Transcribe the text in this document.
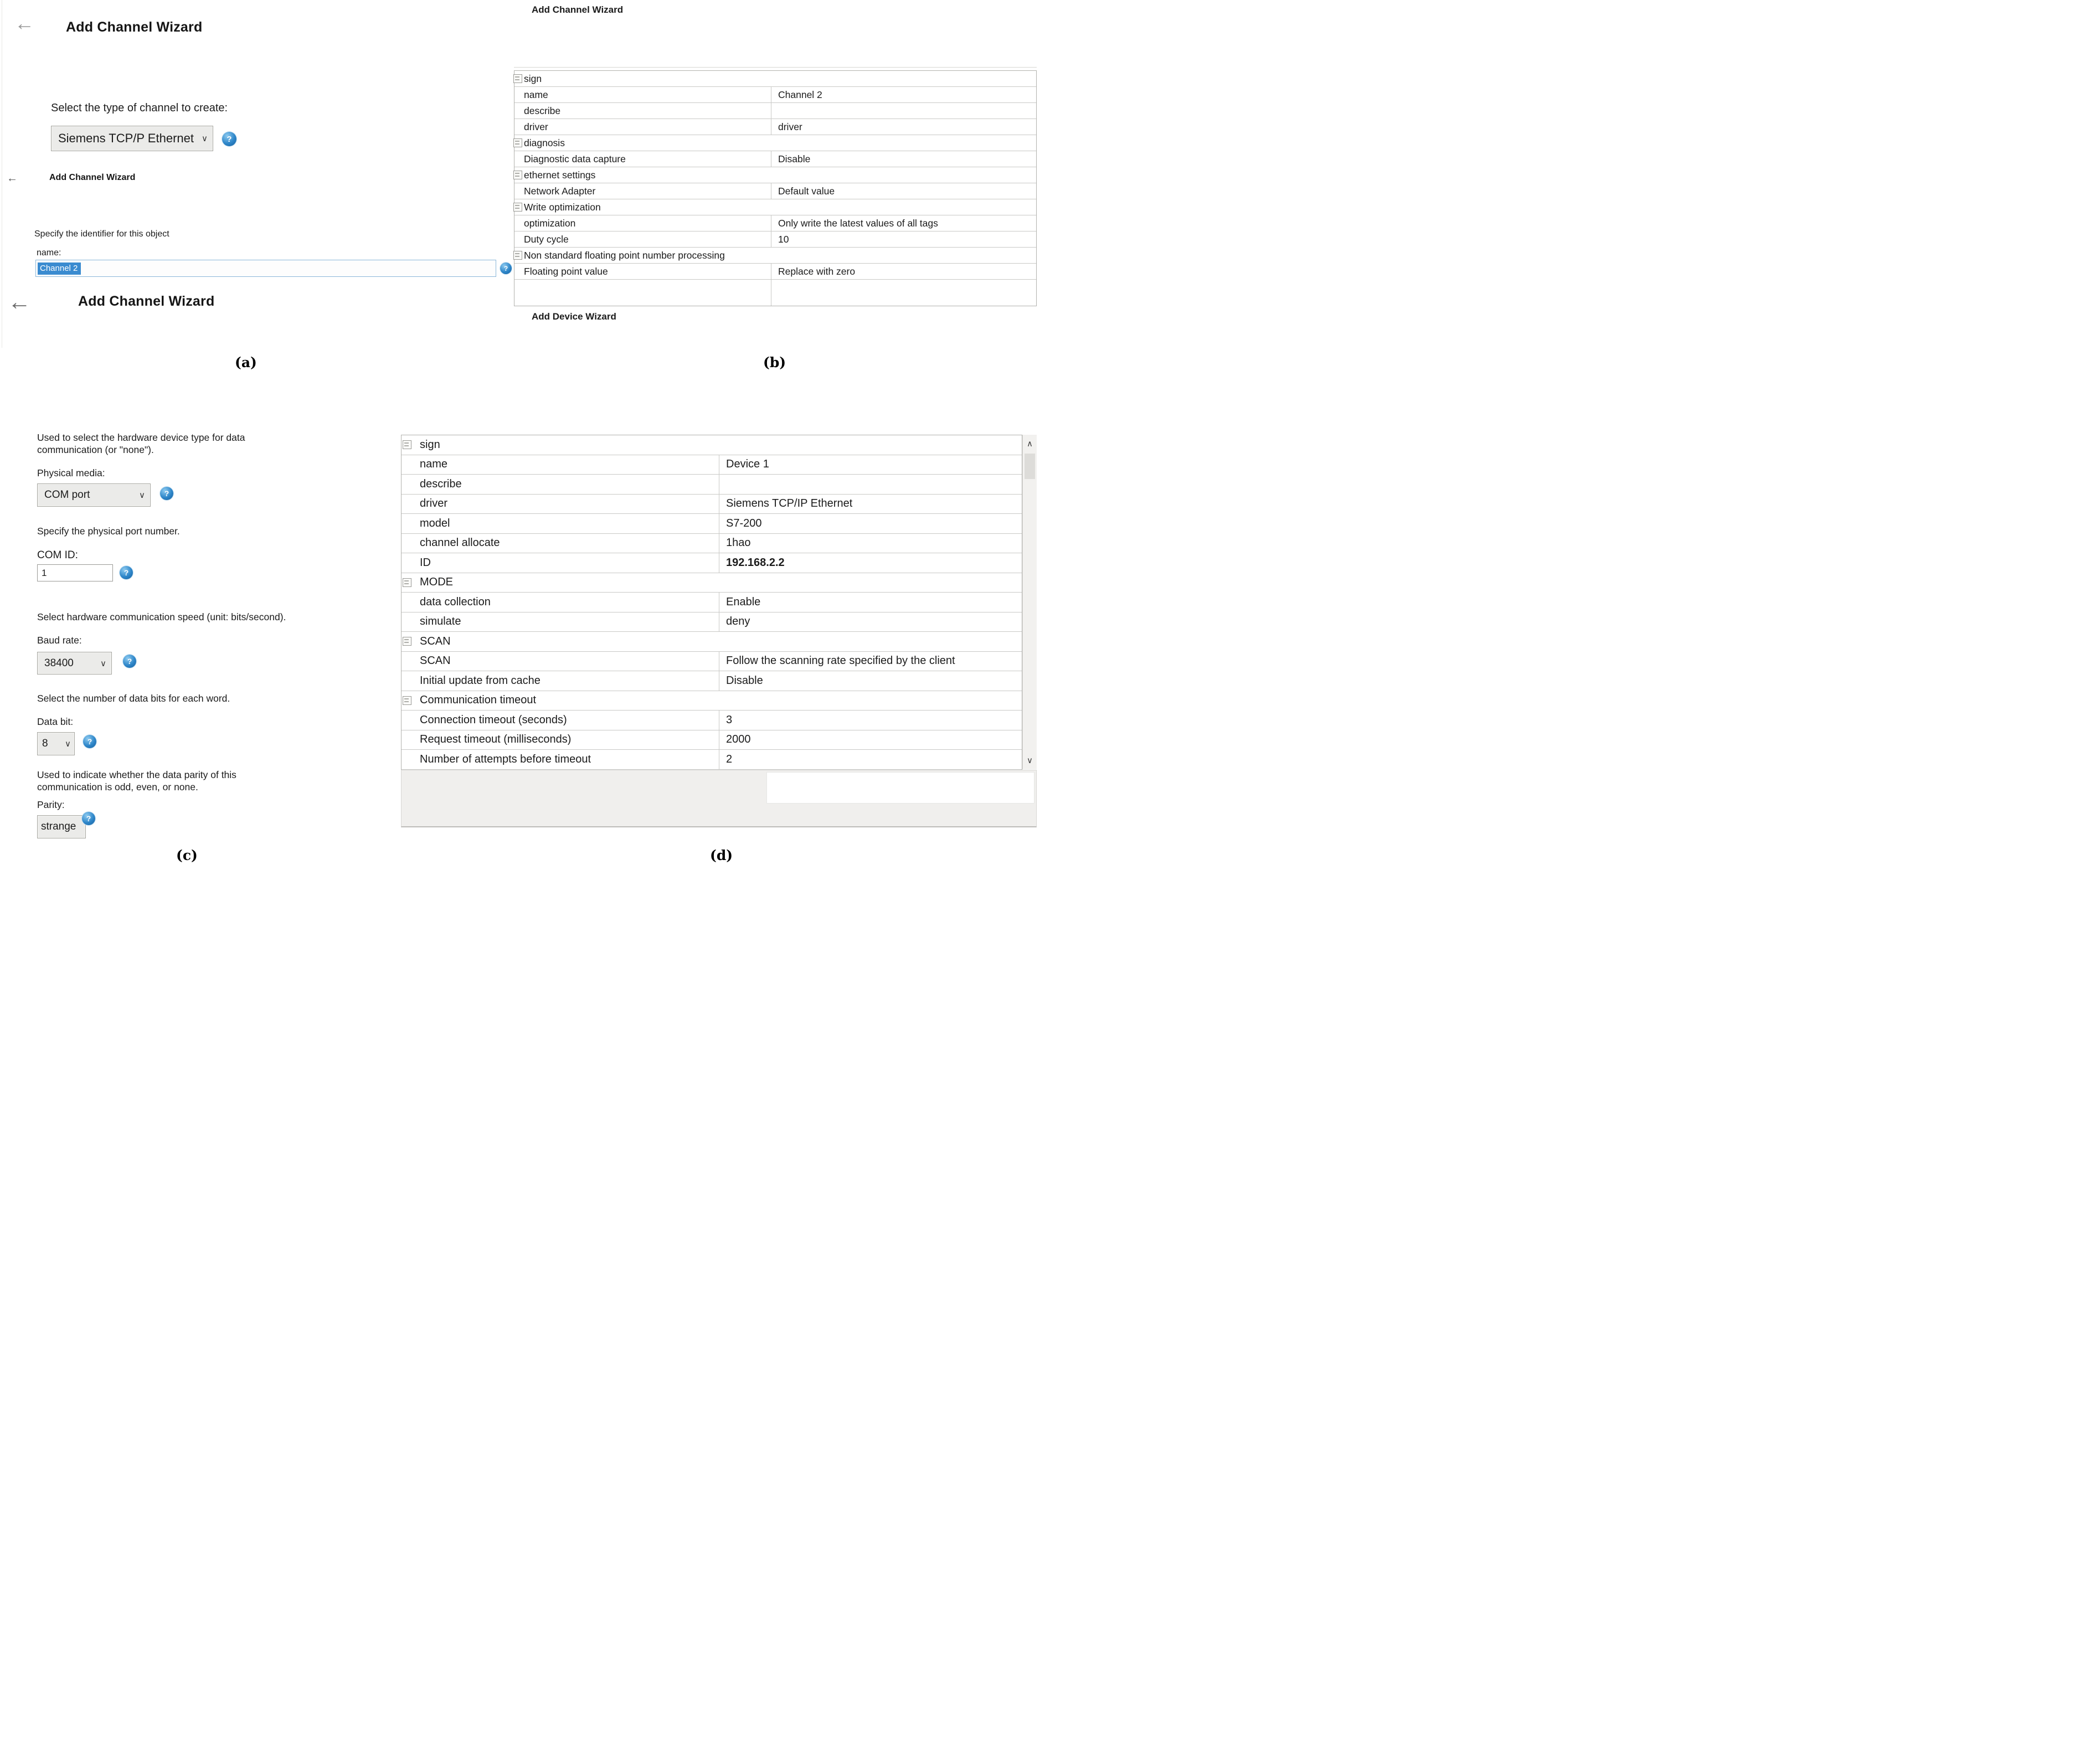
← Add Channel Wizard
Select the type of channel to create:
Siemens TCP/P Ethernet ∨	?
←	Add Channel Wizard
Specify the identifier for this object
name:
Channel 2	?
←	Add Channel Wizard
(a)	(b)
Add Channel Wizard
sign
name	Channel 2
describe
driver	driver
diagnosis
Diagnostic data capture	Disable
ethernet settings
Network Adapter	Default value
Write optimization
optimization	Only write the latest values of all tags
Duty cycle	10
Non standard floating point number processing
Floating point value	Replace with zero
Add Device Wizard
Used to select the hardware device type for data
communication (or "none").
Physical media:
COM port	∨	?
Specify the physical port number.
COM ID:
1	?
Select hardware communication speed (unit: bits/second).
Baud rate:
38400	∨	?
Select the number of data bits for each word.
Data bit:
8 ∨	?
Used to indicate whether the data parity of this
communication is odd, even, or none.
Parity:
strange
?
(c)	(d)
sign
name	Device 1
describe
driver	Siemens TCP/IP Ethernet
model	S7-200
channel allocate	1hao
ID	192.168.2.2
MODE
data collection	Enable
simulate	deny
SCAN
SCAN	Follow the scanning rate specified by the client
Initial update from cache	Disable
Communication timeout
Connection timeout (seconds)	3
Request timeout (milliseconds)	2000
Number of attempts before timeout	2
∧
∨
